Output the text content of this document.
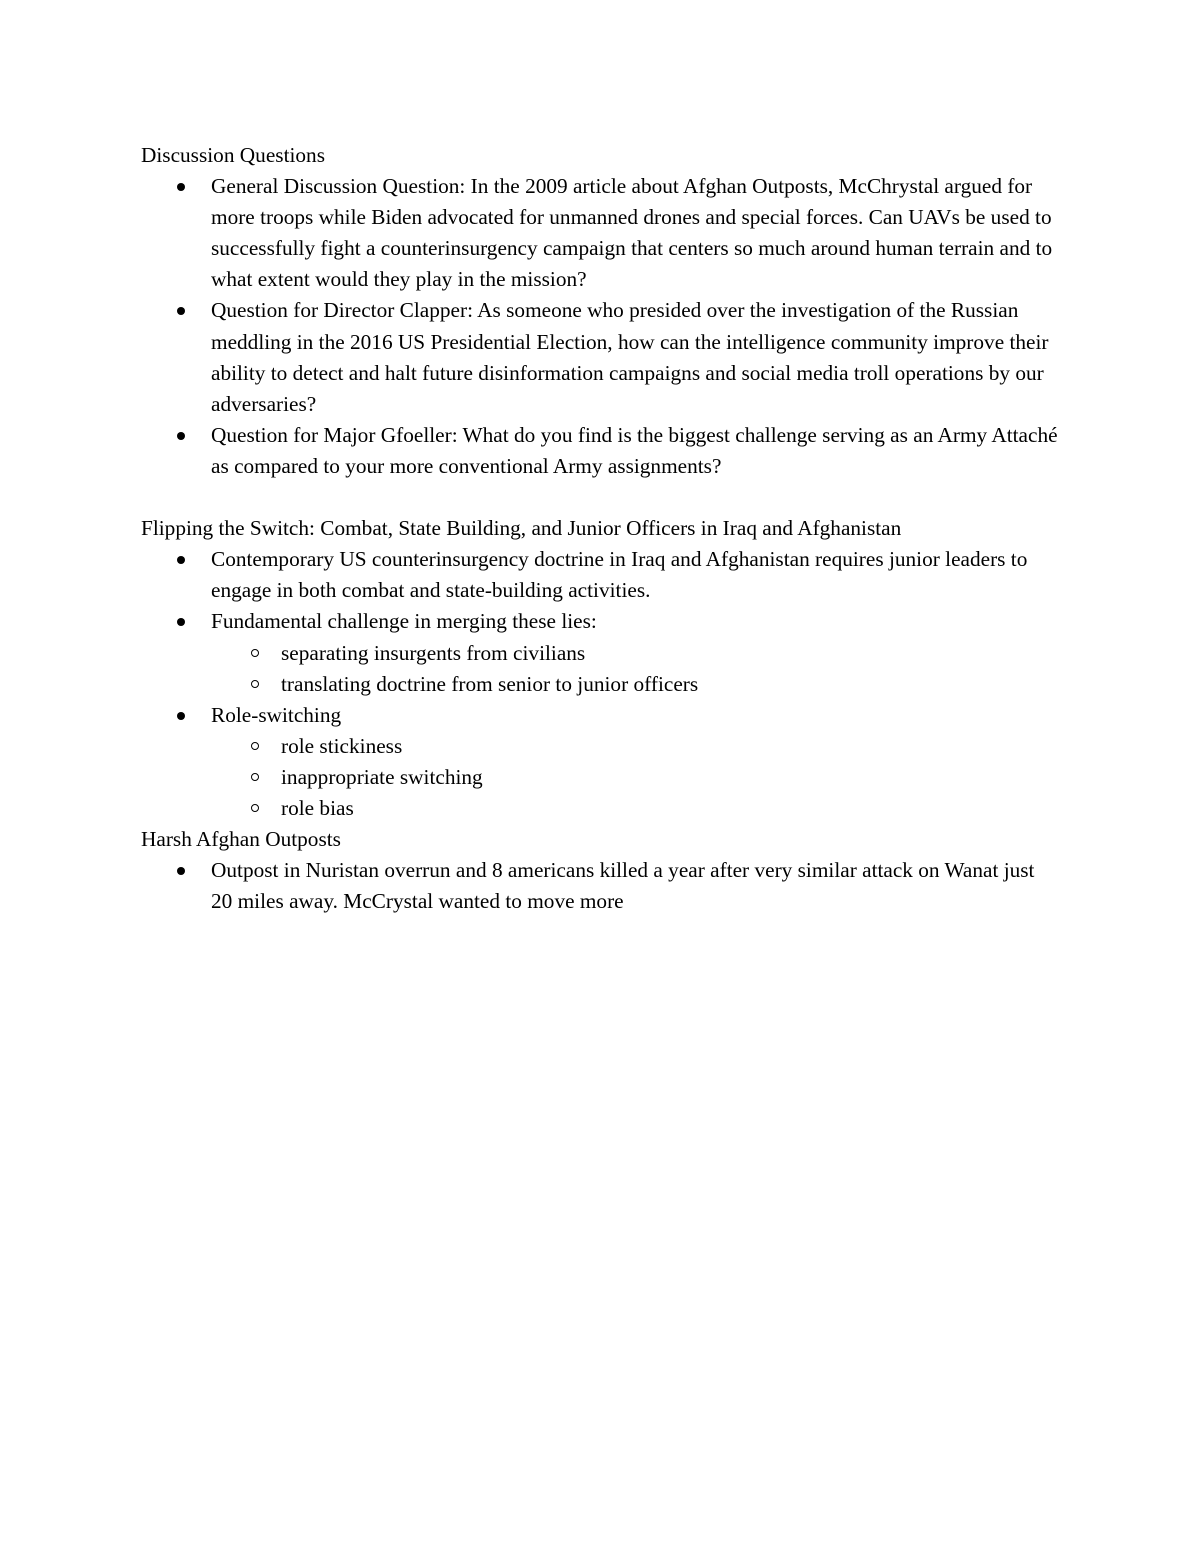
Discussion Questions
General Discussion Question: In the 2009 article about Afghan Outposts, McChrystal argued for more troops while Biden advocated for unmanned drones and special forces. Can UAVs be used to successfully fight a counterinsurgency campaign that centers so much around human terrain and to what extent would they play in the mission?
Question for Director Clapper: As someone who presided over the investigation of the Russian meddling in the 2016 US Presidential Election, how can the intelligence community improve their ability to detect and halt future disinformation campaigns and social media troll operations by our adversaries?
Question for Major Gfoeller: What do you find is the biggest challenge serving as an Army Attaché as compared to your more conventional Army assignments?
Flipping the Switch: Combat, State Building, and Junior Officers in Iraq and Afghanistan
Contemporary US counterinsurgency doctrine in Iraq and Afghanistan requires junior leaders to engage in both combat and state-building activities.
Fundamental challenge in merging these lies:
separating insurgents from civilians
translating doctrine from senior to junior officers
Role-switching
role stickiness
inappropriate switching
role bias
Harsh Afghan Outposts
Outpost in Nuristan overrun and 8 americans killed a year after very similar attack on Wanat just 20 miles away. McCrystal wanted to move more
